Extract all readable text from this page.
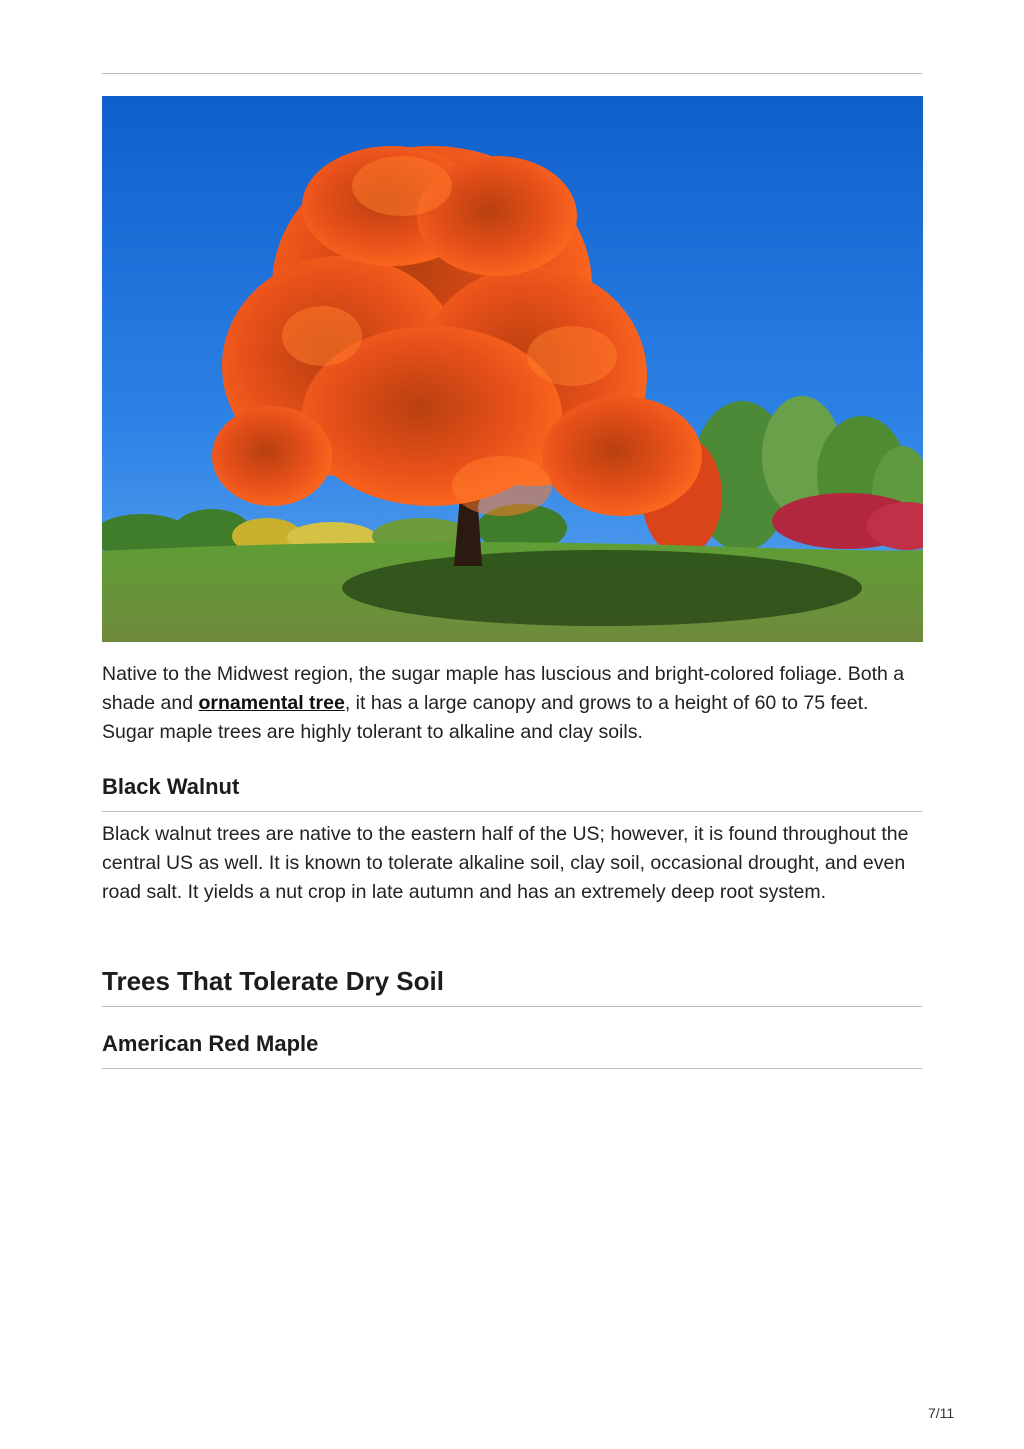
Native to the Midwest region, the sugar maple has luscious and bright-colored foliage. Both a shade and ornamental tree, it has a large canopy and grows to a height of 60 to 75 feet. Sugar maple trees are highly tolerant to alkaline and clay soils.

Black Walnut

Black walnut trees are native to the eastern half of the US; however, it is found throughout the central US as well. It is known to tolerate alkaline soil, clay soil, occasional drought, and even road salt. It yields a nut crop in late autumn and has an extremely deep root system.

Trees That Tolerate Dry Soil
American Red Maple
7/11
